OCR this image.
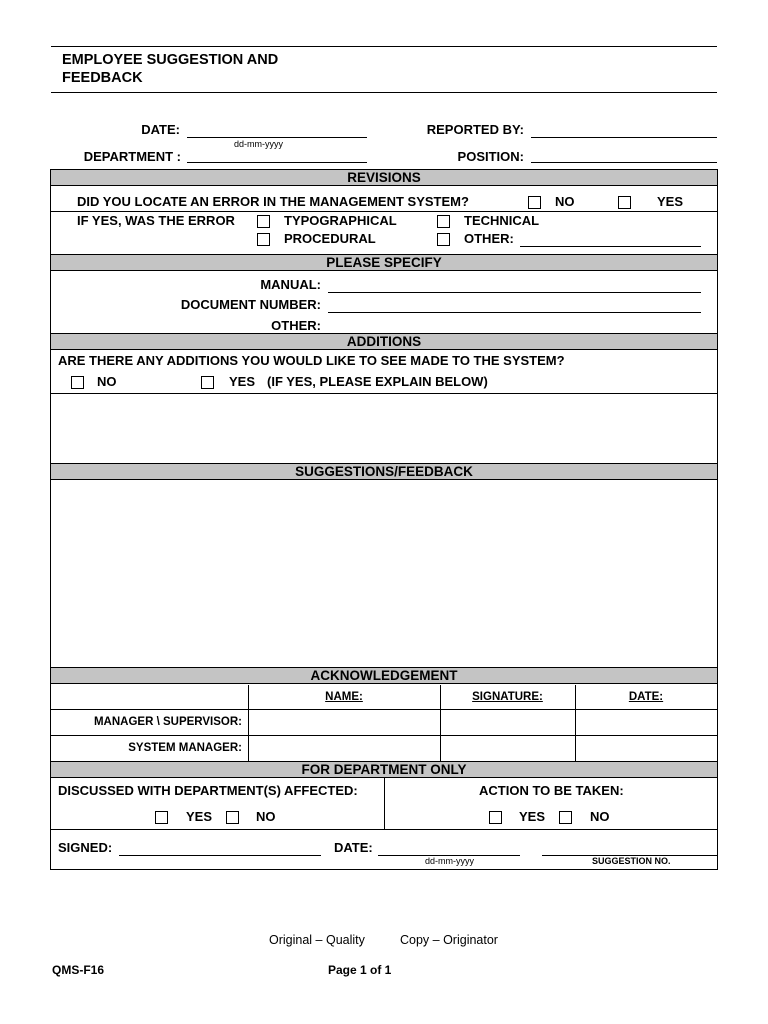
EMPLOYEE SUGGESTION AND
FEEDBACK
DATE:
dd-mm-yyyy
REPORTED BY:
DEPARTMENT :	POSITION:
REVISIONS
DID YOU LOCATE AN ERROR IN THE MANAGEMENT SYSTEM?	NO	YES
IF YES, WAS THE ERROR	TYPOGRAPHICAL	TECHNICAL
PROCEDURAL	OTHER:
PLEASE SPECIFY
MANUAL:
DOCUMENT NUMBER:
OTHER:
ADDITIONS
ARE THERE ANY ADDITIONS YOU WOULD LIKE TO SEE MADE TO THE SYSTEM?
NO	YES (IF YES, PLEASE EXPLAIN BELOW)
SUGGESTIONS/FEEDBACK
ACKNOWLEDGEMENT
NAME:	SIGNATURE:	DATE:
MANAGER \ SUPERVISOR:
SYSTEM MANAGER:
FOR DEPARTMENT ONLY
DISCUSSED WITH DEPARTMENT(S) AFFECTED:	ACTION TO BE TAKEN:
YES	NO	YES	NO
SIGNED:	DATE:
dd-mm-yyyy	SUGGESTION NO.
Original – Quality	Copy – Originator
QMS-F16	Page 1 of 1
